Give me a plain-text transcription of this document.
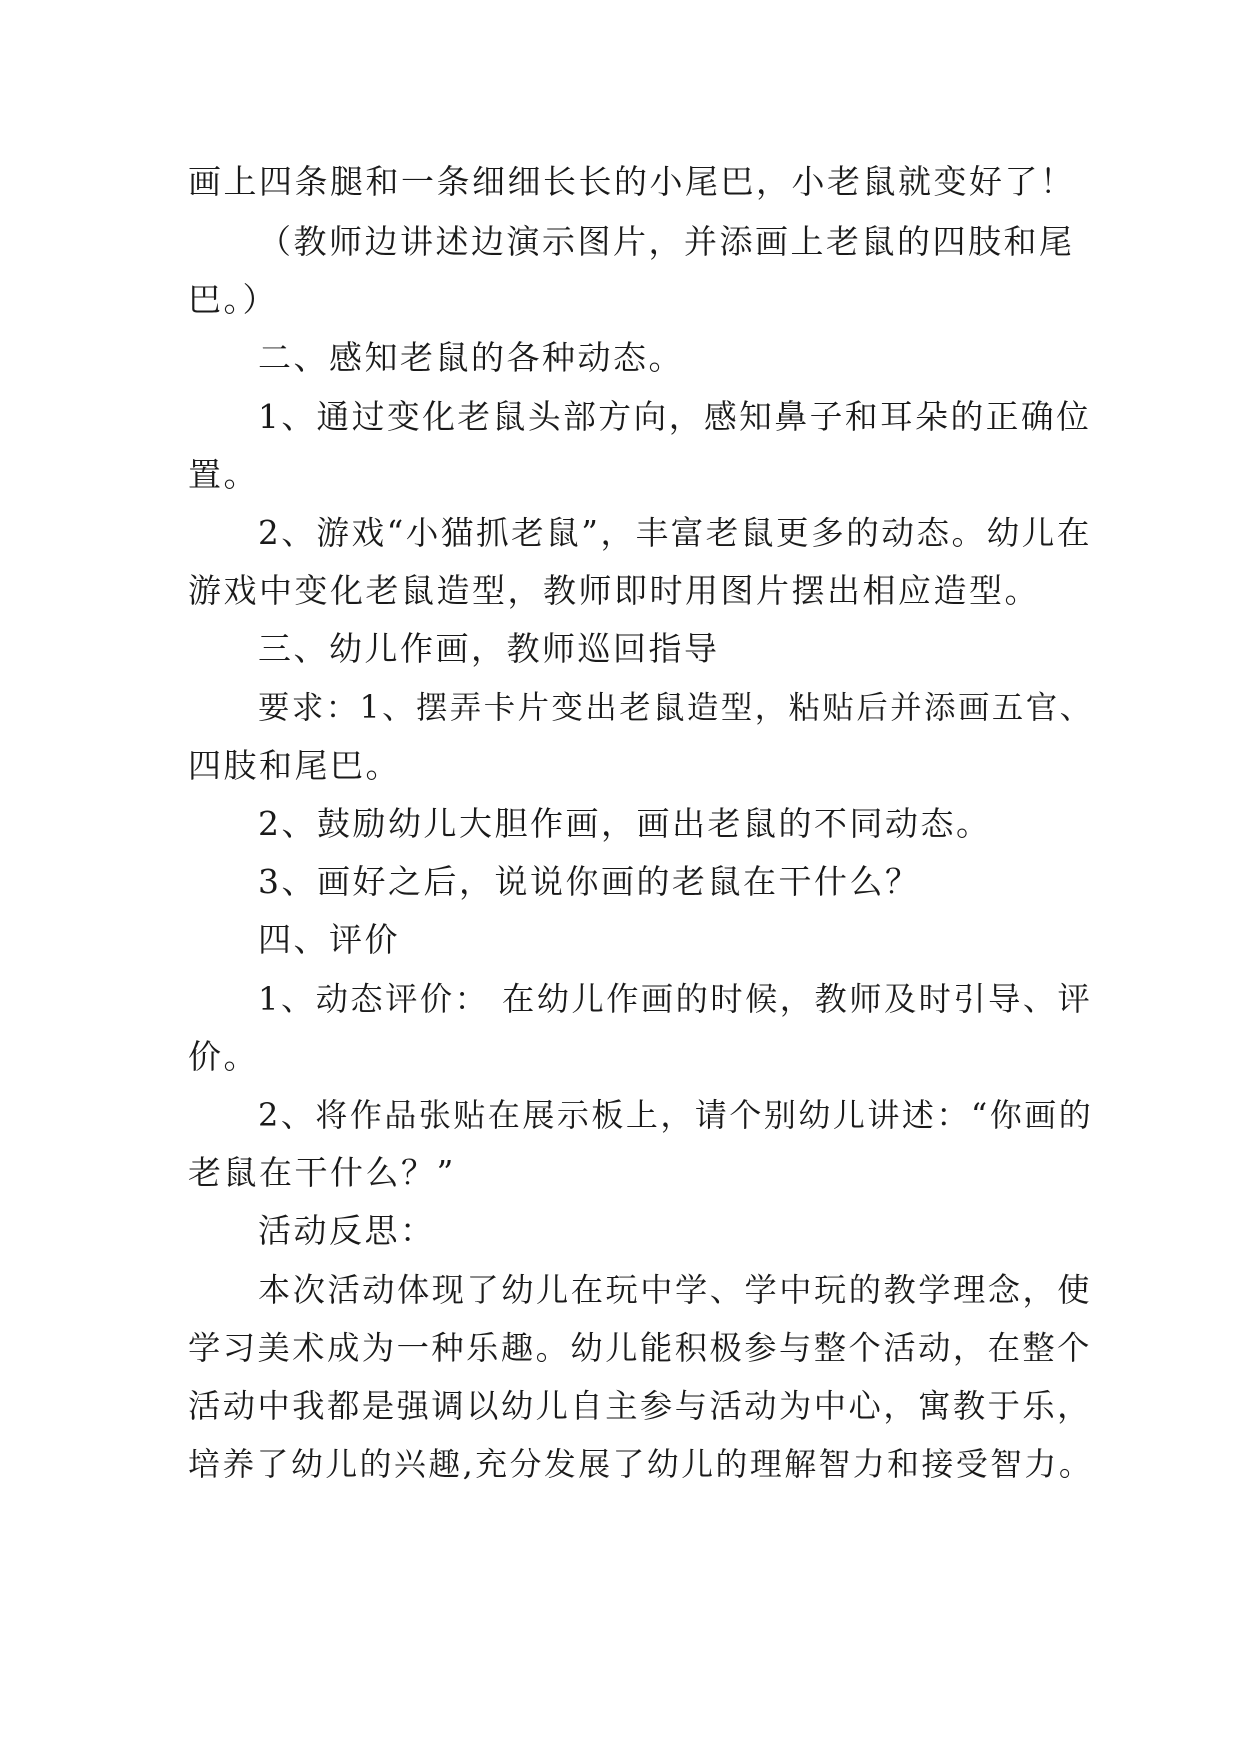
画上四条腿和一条细细长长的小尾巴，小老鼠就变好了！
（教师边讲述边演示图片，并添画上老鼠的四肢和尾
巴。）
二、感知老鼠的各种动态。
1、通过变化老鼠头部方向，感知鼻子和耳朵的正确位
置。
2、游戏“小猫抓老鼠”，丰富老鼠更多的动态。幼儿在
游戏中变化老鼠造型，教师即时用图片摆出相应造型。
三、幼儿作画，教师巡回指导
要求：1、摆弄卡片变出老鼠造型，粘贴后并添画五官、
四肢和尾巴。
2、鼓励幼儿大胆作画，画出老鼠的不同动态。
3、画好之后，说说你画的老鼠在干什么？
四、评价
1、动态评价： 在幼儿作画的时候，教师及时引导、评
价。
2、将作品张贴在展示板上，请个别幼儿讲述：“你画的
老鼠在干什么？”
活动反思：
本次活动体现了幼儿在玩中学、学中玩的教学理念，使
学习美术成为一种乐趣。幼儿能积极参与整个活动，在整个
活动中我都是强调以幼儿自主参与活动为中心，寓教于乐，
培养了幼儿的兴趣,充分发展了幼儿的理解智力和接受智力。
